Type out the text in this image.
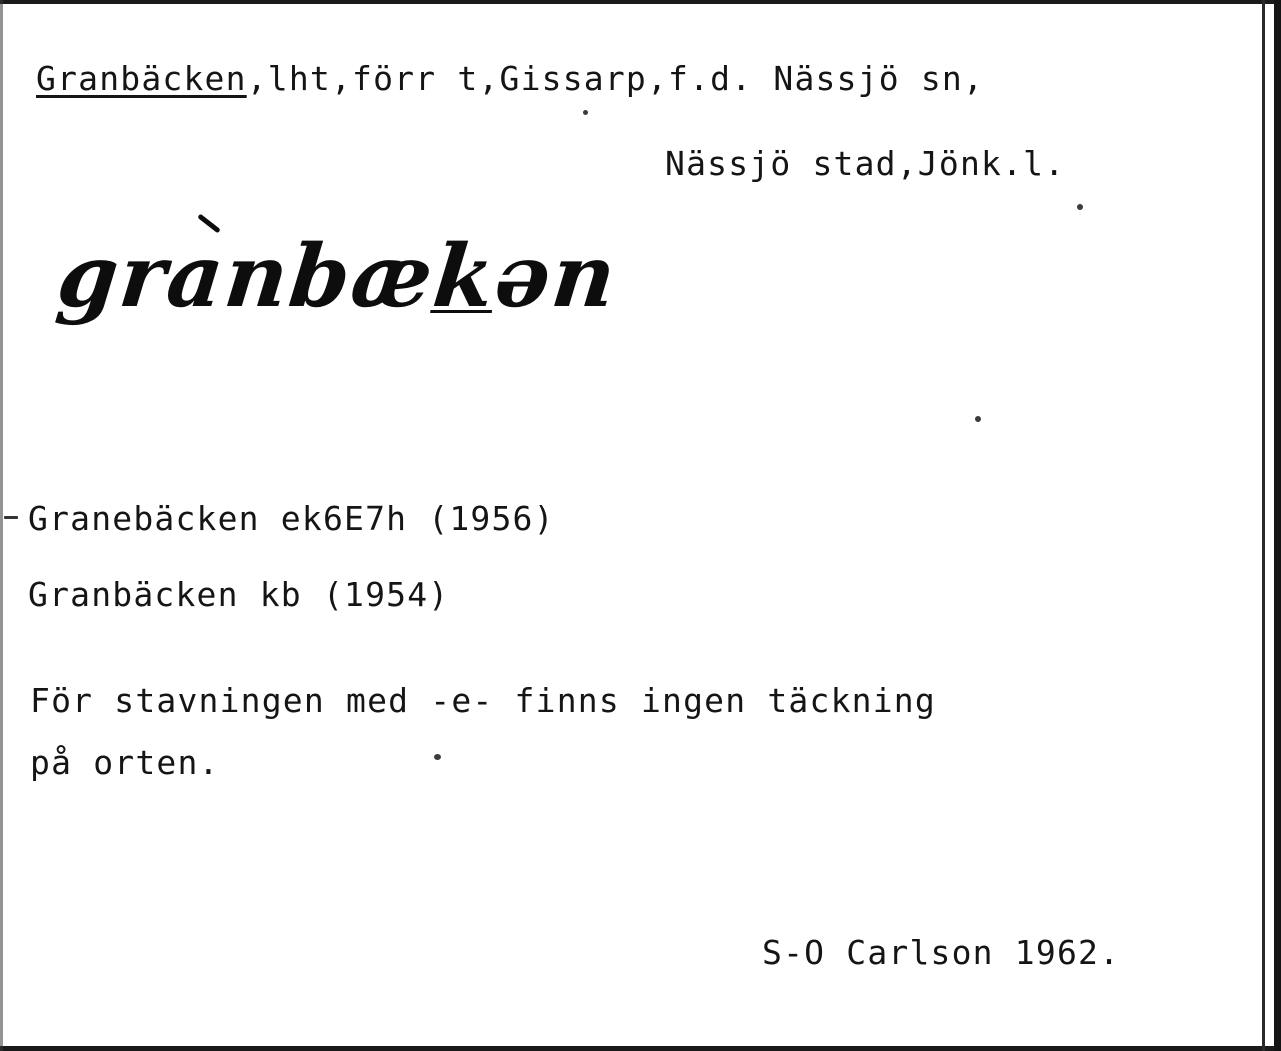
Granbäcken,lht,förr t,Gissarp,f.d. Nässjö sn,
Nässjö stad,Jönk.l.
granbækən
Granebäcken ek6E7h (1956)
Granbäcken kb (1954)
För stavningen med -e- finns ingen täckning
på orten.
S-O Carlson 1962.
